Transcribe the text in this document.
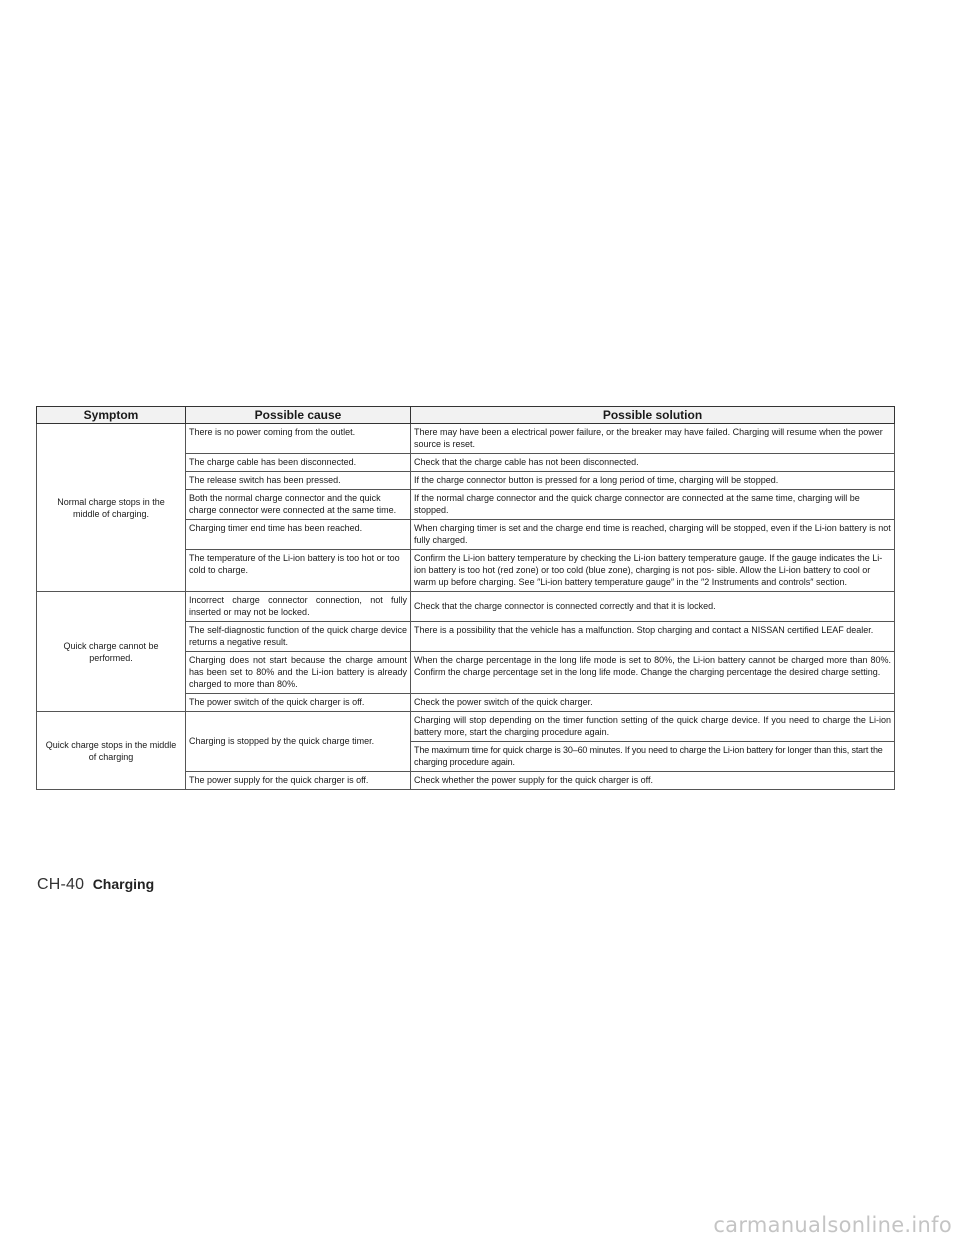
Symptom	Possible cause	Possible solution
Normal charge stops in the middle of charging.	There is no power coming from the outlet.	There may have been a electrical power failure, or the breaker may have failed. Charging will resume when the power source is reset.
	The charge cable has been disconnected.	Check that the charge cable has not been disconnected.
	The release switch has been pressed.	If the charge connector button is pressed for a long period of time, charging will be stopped.
	Both the normal charge connector and the quick charge connector were connected at the same time.	If the normal charge connector and the quick charge connector are connected at the same time, charging will be stopped.
	Charging timer end time has been reached.	When charging timer is set and the charge end time is reached, charging will be stopped, even if the Li-ion battery is not fully charged.
	The temperature of the Li-ion battery is too hot or too cold to charge.	Confirm the Li-ion battery temperature by checking the Li-ion battery temperature gauge. If the gauge indicates the Li-ion battery is too hot (red zone) or too cold (blue zone), charging is not pos- sible. Allow the Li-ion battery to cool or warm up before charging. See ″Li-ion battery temperature gauge″ in the ″2 Instruments and controls″ section.
Quick charge cannot be performed.	Incorrect charge connector connection, not fully inserted or may not be locked.	Check that the charge connector is connected correctly and that it is locked.
	The self-diagnostic function of the quick charge device returns a negative result.	There is a possibility that the vehicle has a malfunction. Stop charging and contact a NISSAN certified LEAF dealer.
	Charging does not start because the charge amount has been set to 80% and the Li-ion battery is already charged to more than 80%.	When the charge percentage in the long life mode is set to 80%, the Li-ion battery cannot be charged more than 80%. Confirm the charge percentage set in the long life mode. Change the charging percentage the desired charge setting.
	The power switch of the quick charger is off.	Check the power switch of the quick charger.
Quick charge stops in the middle of charging	Charging is stopped by the quick charge timer.	Charging will stop depending on the timer function setting of the quick charge device. If you need to charge the Li-ion battery more, start the charging procedure again.
		The maximum time for quick charge is 30–60 minutes. If you need to charge the Li-ion battery for longer than this, start the charging procedure again.
	The power supply for the quick charger is off.	Check whether the power supply for the quick charger is off.
CH-40 Charging
carmanualsonline.info
